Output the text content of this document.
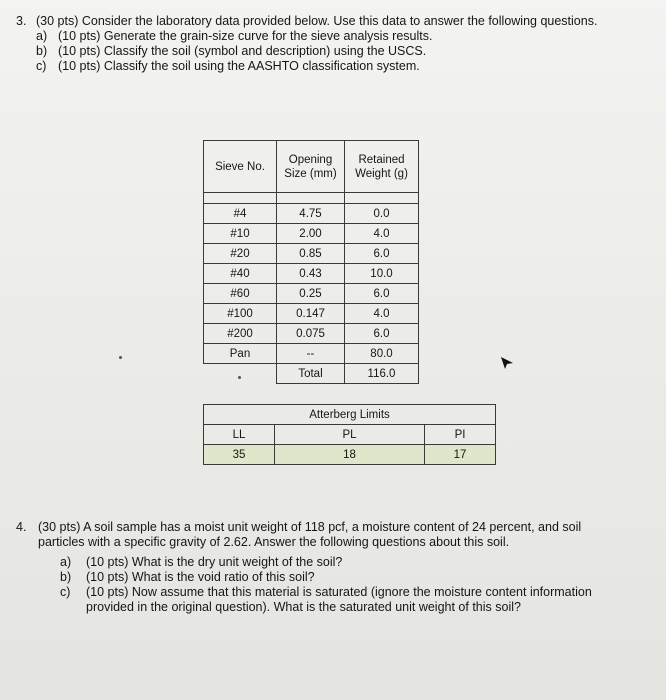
3. (30 pts) Consider the laboratory data provided below. Use this data to answer the following questions.
a) (10 pts) Generate the grain-size curve for the sieve analysis results.
b) (10 pts) Classify the soil (symbol and description) using the USCS.
c) (10 pts) Classify the soil using the AASHTO classification system.
Sieve No.	Opening Size (mm)	Retained Weight (g)

#4	4.75	0.0
#10	2.00	4.0
#20	0.85	6.0
#40	0.43	10.0
#60	0.25	6.0
#100	0.147	4.0
#200	0.075	6.0
Pan	--	80.0
	Total	116.0
Atterberg Limits		
LL	PL	PI
35	18	17
4. (30 pts) A soil sample has a moist unit weight of 118 pcf, a moisture content of 24 percent, and soil particles with a specific gravity of 2.62. Answer the following questions about this soil.
a) (10 pts) What is the dry unit weight of the soil?
b) (10 pts) What is the void ratio of this soil?
c) (10 pts) Now assume that this material is saturated (ignore the moisture content information provided in the original question). What is the saturated unit weight of this soil?
